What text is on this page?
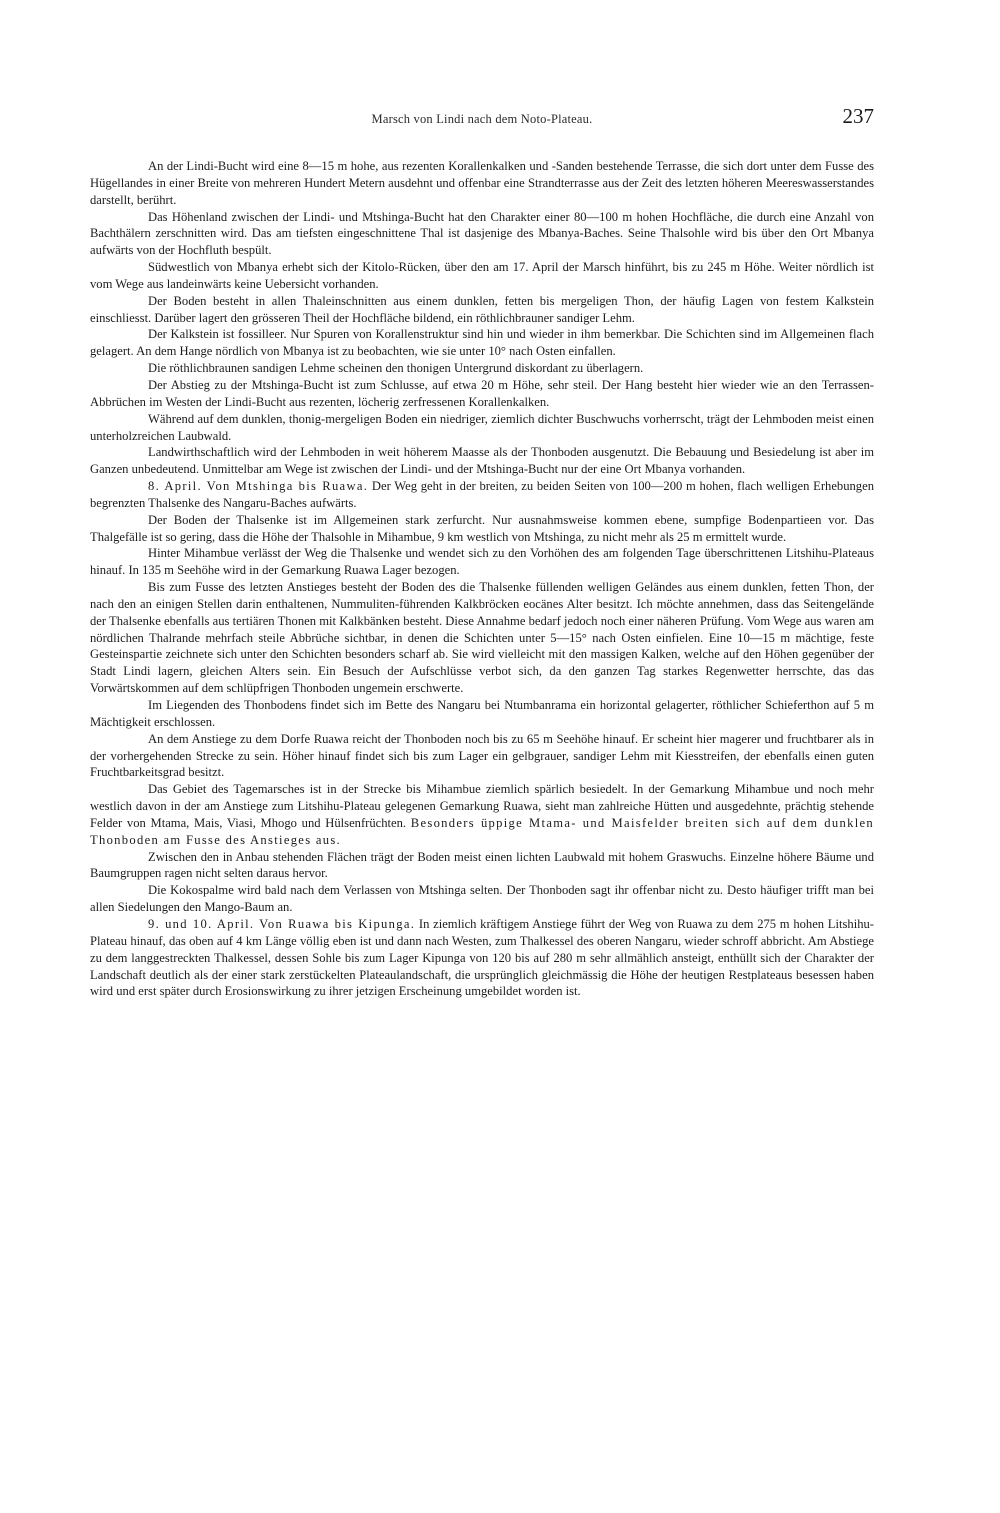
Marsch von Lindi nach dem Noto-Plateau.	237

An der Lindi-Bucht wird eine 8—15 m hohe, aus rezenten Korallenkalken und -Sanden bestehende Terrasse, die sich dort unter dem Fusse des Hügellandes in einer Breite von mehreren Hundert Metern ausdehnt und offenbar eine Strandterrasse aus der Zeit des letzten höheren Meereswasserstandes darstellt, berührt.

Das Höhenland zwischen der Lindi- und Mtshinga-Bucht hat den Charakter einer 80—100 m hohen Hochfläche, die durch eine Anzahl von Bachthälern zerschnitten wird. Das am tiefsten eingeschnittene Thal ist dasjenige des Mbanya-Baches. Seine Thalsohle wird bis über den Ort Mbanya aufwärts von der Hochfluth bespült.

Südwestlich von Mbanya erhebt sich der Kitolo-Rücken, über den am 17. April der Marsch hinführt, bis zu 245 m Höhe. Weiter nördlich ist vom Wege aus landeinwärts keine Uebersicht vorhanden.

Der Boden besteht in allen Thaleinschnitten aus einem dunklen, fetten bis mergeligen Thon, der häufig Lagen von festem Kalkstein einschliesst. Darüber lagert den grösseren Theil der Hochfläche bildend, ein röthlichbrauner sandiger Lehm.

Der Kalkstein ist fossilleer. Nur Spuren von Korallenstruktur sind hin und wieder in ihm bemerkbar. Die Schichten sind im Allgemeinen flach gelagert. An dem Hange nördlich von Mbanya ist zu beobachten, wie sie unter 10° nach Osten einfallen.

Die röthlichbraunen sandigen Lehme scheinen den thonigen Untergrund diskordant zu überlagern.

Der Abstieg zu der Mtshinga-Bucht ist zum Schlusse, auf etwa 20 m Höhe, sehr steil. Der Hang besteht hier wieder wie an den Terrassen-Abbrüchen im Westen der Lindi-Bucht aus rezenten, löcherig zerfressenen Korallenkalken.

Während auf dem dunklen, thonig-mergeligen Boden ein niedriger, ziemlich dichter Buschwuchs vorherrscht, trägt der Lehmboden meist einen unterholzreichen Laubwald.

Landwirthschaftlich wird der Lehmboden in weit höherem Maasse als der Thonboden ausgenutzt. Die Bebauung und Besiedelung ist aber im Ganzen unbedeutend. Unmittelbar am Wege ist zwischen der Lindi- und der Mtshinga-Bucht nur der eine Ort Mbanya vorhanden.

8. April. Von Mtshinga bis Ruawa. Der Weg geht in der breiten, zu beiden Seiten von 100—200 m hohen, flach welligen Erhebungen begrenzten Thalsenke des Nangaru-Baches aufwärts.

Der Boden der Thalsenke ist im Allgemeinen stark zerfurcht. Nur ausnahmsweise kommen ebene, sumpfige Bodenpartieen vor. Das Thalgefälle ist so gering, dass die Höhe der Thalsohle in Mihambue, 9 km westlich von Mtshinga, zu nicht mehr als 25 m ermittelt wurde.

Hinter Mihambue verlässt der Weg die Thalsenke und wendet sich zu den Vorhöhen des am folgenden Tage überschrittenen Litshihu-Plateaus hinauf. In 135 m Seehöhe wird in der Gemarkung Ruawa Lager bezogen.

Bis zum Fusse des letzten Anstieges besteht der Boden des die Thalsenke füllenden welligen Geländes aus einem dunklen, fetten Thon, der nach den an einigen Stellen darin enthaltenen, Nummuliten-führenden Kalkbröcken eocänes Alter besitzt. Ich möchte annehmen, dass das Seitengelände der Thalsenke ebenfalls aus tertiären Thonen mit Kalkbänken besteht. Diese Annahme bedarf jedoch noch einer näheren Prüfung. Vom Wege aus waren am nördlichen Thalrande mehrfach steile Abbrüche sichtbar, in denen die Schichten unter 5—15° nach Osten einfielen. Eine 10—15 m mächtige, feste Gesteinspartie zeichnete sich unter den Schichten besonders scharf ab. Sie wird vielleicht mit den massigen Kalken, welche auf den Höhen gegenüber der Stadt Lindi lagern, gleichen Alters sein. Ein Besuch der Aufschlüsse verbot sich, da den ganzen Tag starkes Regenwetter herrschte, das das Vorwärtskommen auf dem schlüpfrigen Thonboden ungemein erschwerte.

Im Liegenden des Thonbodens findet sich im Bette des Nangaru bei Ntumbanrama ein horizontal gelagerter, röthlicher Schieferthon auf 5 m Mächtigkeit erschlossen.

An dem Anstiege zu dem Dorfe Ruawa reicht der Thonboden noch bis zu 65 m Seehöhe hinauf. Er scheint hier magerer und fruchtbarer als in der vorhergehenden Strecke zu sein. Höher hinauf findet sich bis zum Lager ein gelbgrauer, sandiger Lehm mit Kiesstreifen, der ebenfalls einen guten Fruchtbarkeitsgrad besitzt.

Das Gebiet des Tagemarsches ist in der Strecke bis Mihambue ziemlich spärlich besiedelt. In der Gemarkung Mihambue und noch mehr westlich davon in der am Anstiege zum Litshihu-Plateau gelegenen Gemarkung Ruawa, sieht man zahlreiche Hütten und ausgedehnte, prächtig stehende Felder von Mtama, Mais, Viasi, Mhogo und Hülsenfrüchten. Besonders üppige Mtama- und Maisfelder breiten sich auf dem dunklen Thonboden am Fusse des Anstieges aus.

Zwischen den in Anbau stehenden Flächen trägt der Boden meist einen lichten Laubwald mit hohem Graswuchs. Einzelne höhere Bäume und Baumgruppen ragen nicht selten daraus hervor.

Die Kokospalme wird bald nach dem Verlassen von Mtshinga selten. Der Thonboden sagt ihr offenbar nicht zu. Desto häufiger trifft man bei allen Siedelungen den Mango-Baum an.

9. und 10. April. Von Ruawa bis Kipunga. In ziemlich kräftigem Anstiege führt der Weg von Ruawa zu dem 275 m hohen Litshihu-Plateau hinauf, das oben auf 4 km Länge völlig eben ist und dann nach Westen, zum Thalkessel des oberen Nangaru, wieder schroff abbricht. Am Abstiege zu dem langgestreckten Thalkessel, dessen Sohle bis zum Lager Kipunga von 120 bis auf 280 m sehr allmählich ansteigt, enthüllt sich der Charakter der Landschaft deutlich als der einer stark zerstückelten Plateaulandschaft, die ursprünglich gleichmässig die Höhe der heutigen Restplateaus besessen haben wird und erst später durch Erosionswirkung zu ihrer jetzigen Erscheinung umgebildet worden ist.
